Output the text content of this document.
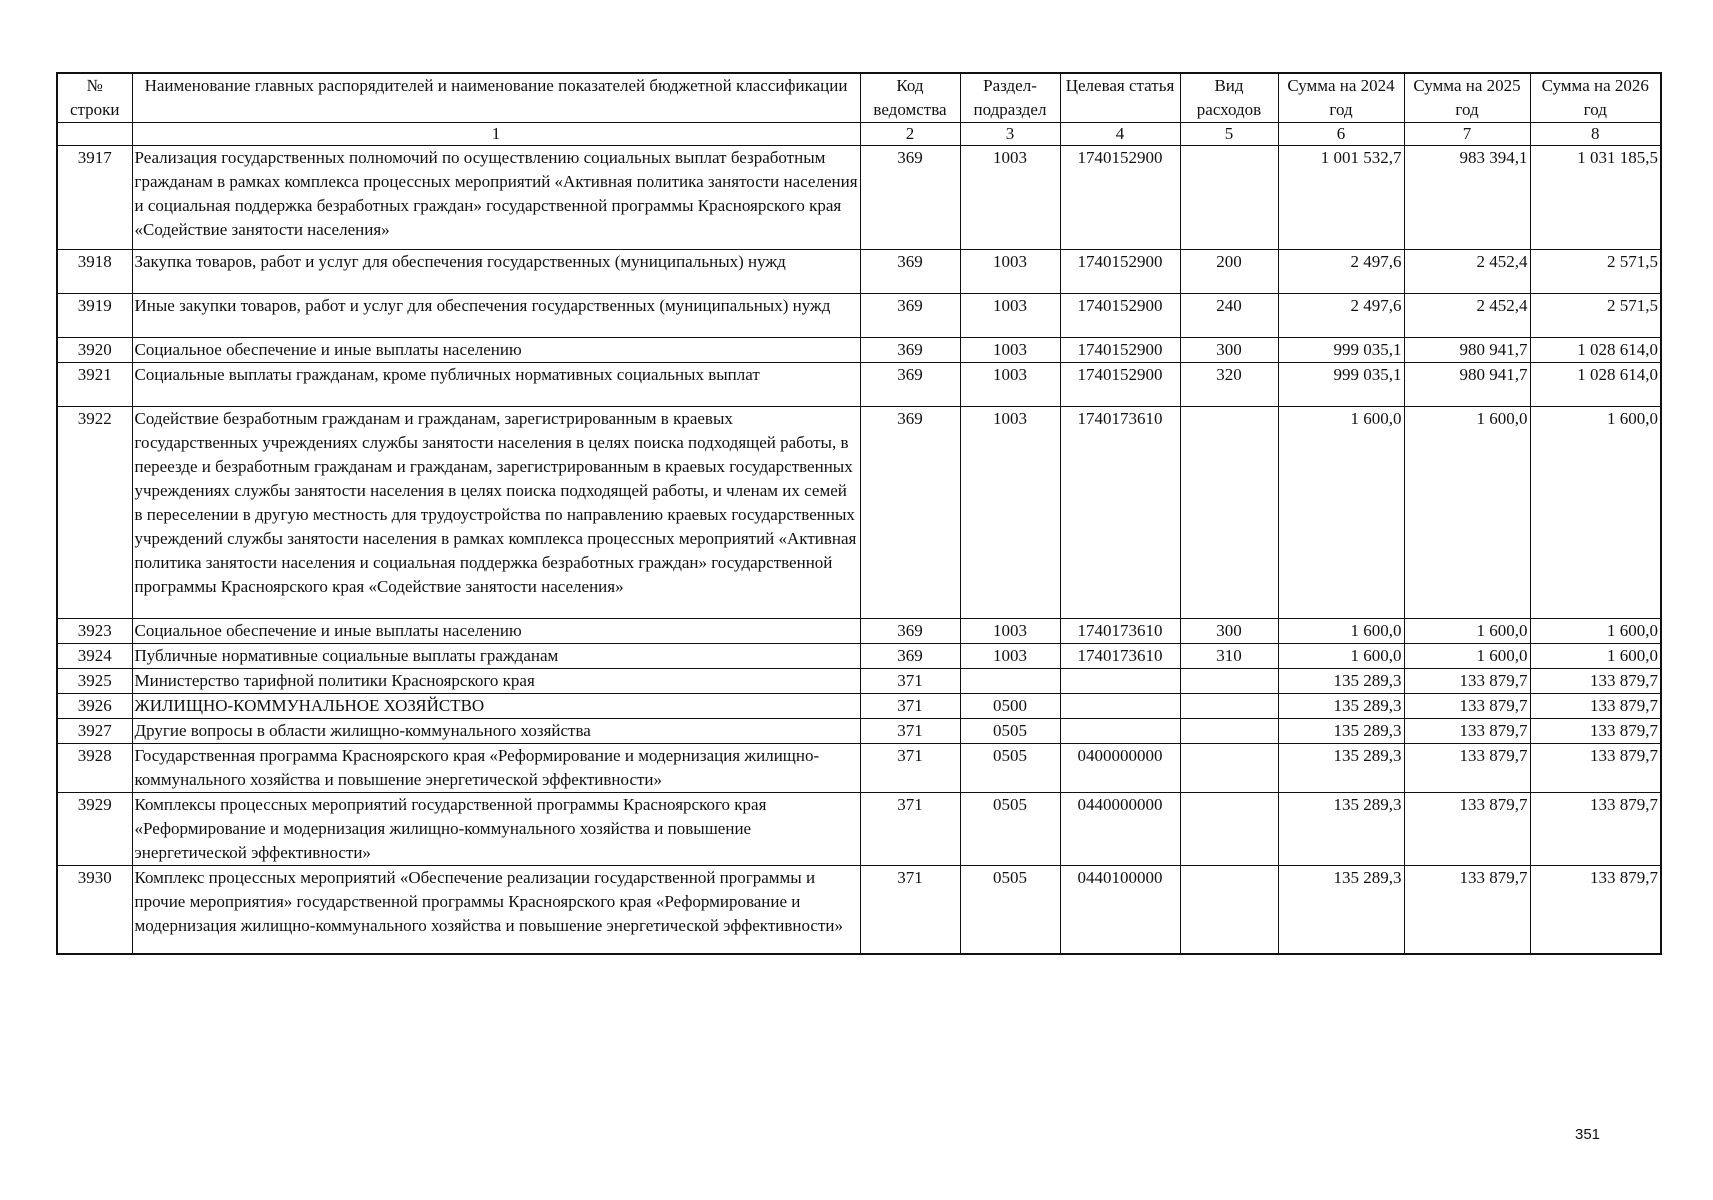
№ строки	Наименование главных распорядителей и наименование показателей бюджетной классификации	Код ведомства	Раздел-подраздел	Целевая статья	Вид расходов	Сумма на 2024 год	Сумма на 2025 год	Сумма на 2026 год
	1	2	3	4	5	6	7	8
3917	Реализация государственных полномочий по осуществлению социальных выплат безработным гражданам в рамках комплекса процессных мероприятий «Активная политика занятости населения и социальная поддержка безработных граждан» государственной программы Красноярского края «Содействие занятости населения»	369	1003	1740152900		1 001 532,7	983 394,1	1 031 185,5
3918	Закупка товаров, работ и услуг для обеспечения государственных (муниципальных) нужд	369	1003	1740152900	200	2 497,6	2 452,4	2 571,5
3919	Иные закупки товаров, работ и услуг для обеспечения государственных (муниципальных) нужд	369	1003	1740152900	240	2 497,6	2 452,4	2 571,5
3920	Социальное обеспечение и иные выплаты населению	369	1003	1740152900	300	999 035,1	980 941,7	1 028 614,0
3921	Социальные выплаты гражданам, кроме публичных нормативных социальных выплат	369	1003	1740152900	320	999 035,1	980 941,7	1 028 614,0
3922	Содействие безработным гражданам и гражданам, зарегистрированным в краевых государственных учреждениях службы занятости населения в целях поиска подходящей работы, в переезде и безработным гражданам и гражданам, зарегистрированным в краевых государственных учреждениях службы занятости населения в целях поиска подходящей работы, и членам их семей в переселении в другую местность для трудоустройства по направлению краевых государственных учреждений службы занятости населения в рамках комплекса процессных мероприятий «Активная политика занятости населения и социальная поддержка безработных граждан» государственной программы Красноярского края «Содействие занятости населения»	369	1003	1740173610		1 600,0	1 600,0	1 600,0
3923	Социальное обеспечение и иные выплаты населению	369	1003	1740173610	300	1 600,0	1 600,0	1 600,0
3924	Публичные нормативные социальные выплаты гражданам	369	1003	1740173610	310	1 600,0	1 600,0	1 600,0
3925	Министерство тарифной политики Красноярского края	371				135 289,3	133 879,7	133 879,7
3926	ЖИЛИЩНО-КОММУНАЛЬНОЕ ХОЗЯЙСТВО	371	0500			135 289,3	133 879,7	133 879,7
3927	Другие вопросы в области жилищно-коммунального хозяйства	371	0505			135 289,3	133 879,7	133 879,7
3928	Государственная программа Красноярского края «Реформирование и модернизация жилищно-коммунального хозяйства и повышение энергетической эффективности»	371	0505	0400000000		135 289,3	133 879,7	133 879,7
3929	Комплексы процессных мероприятий государственной программы Красноярского края «Реформирование и модернизация жилищно-коммунального хозяйства и повышение энергетической эффективности»	371	0505	0440000000		135 289,3	133 879,7	133 879,7
3930	Комплекс процессных мероприятий «Обеспечение реализации государственной программы и прочие мероприятия» государственной программы Красноярского края «Реформирование и модернизация жилищно-коммунального хозяйства и повышение энергетической эффективности»	371	0505	0440100000		135 289,3	133 879,7	133 879,7
351
